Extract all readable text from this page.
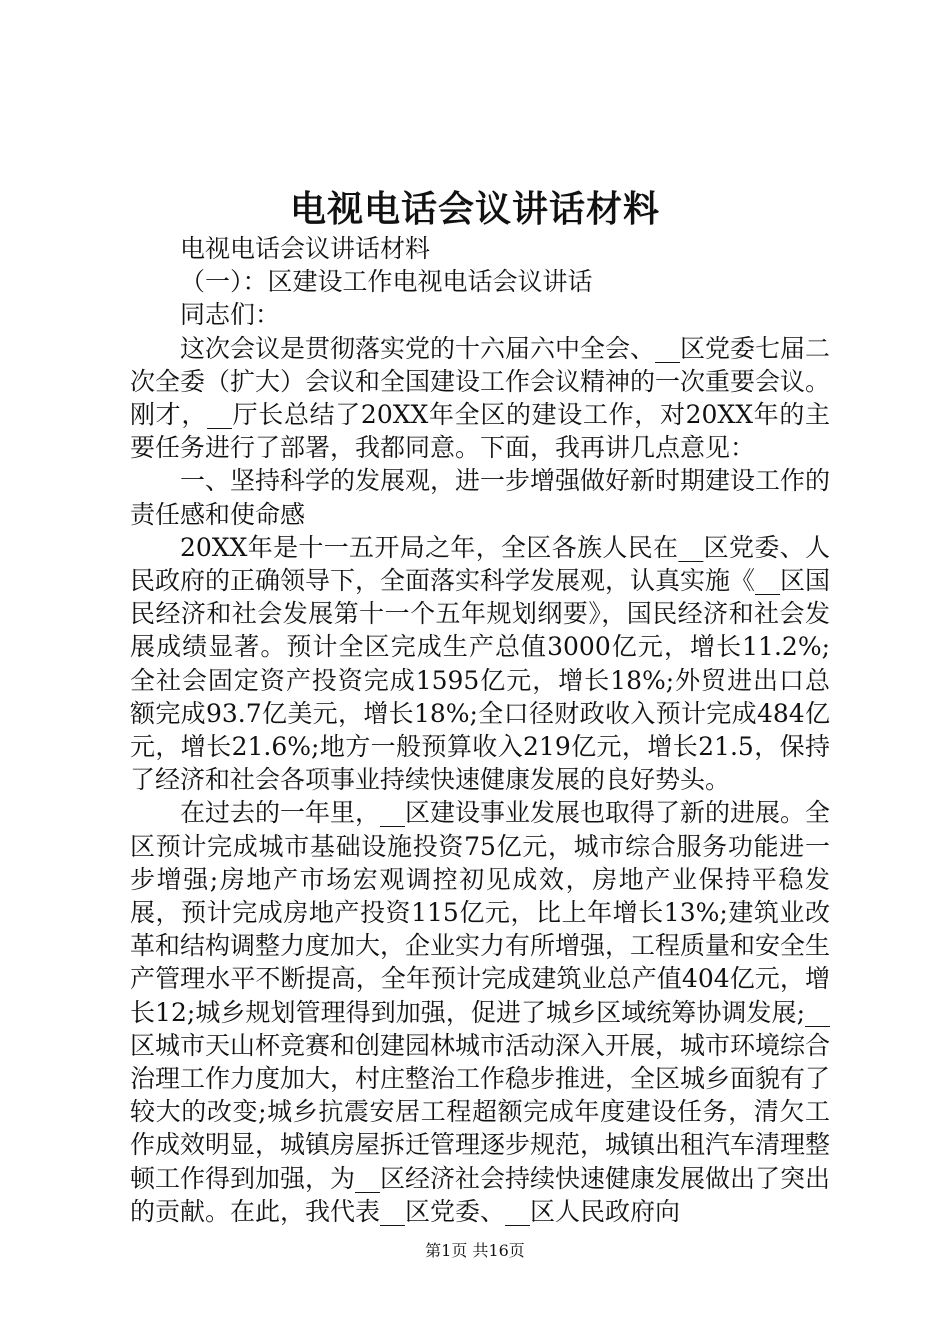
电视电话会议讲话材料

电视电话会议讲话材料

（一）：区建设工作电视电话会议讲话

同志们：

这次会议是贯彻落实党的十六届六中全会、__区党委七届二次全委（扩大）会议和全国建设工作会议精神的一次重要会议。刚才，__厅长总结了20XX年全区的建设工作，对20XX年的主要任务进行了部署，我都同意。下面，我再讲几点意见：

一、坚持科学的发展观，进一步增强做好新时期建设工作的责任感和使命感

20XX年是十一五开局之年，全区各族人民在__区党委、人民政府的正确领导下，全面落实科学发展观，认真实施《__区国民经济和社会发展第十一个五年规划纲要》，国民经济和社会发展成绩显著。预计全区完成生产总值3000亿元，增长11.2%;全社会固定资产投资完成1595亿元，增长18%;外贸进出口总额完成93.7亿美元，增长18%;全口径财政收入预计完成484亿元，增长21.6%;地方一般预算收入219亿元，增长21.5，保持了经济和社会各项事业持续快速健康发展的良好势头。

在过去的一年里，__区建设事业发展也取得了新的进展。全区预计完成城市基础设施投资75亿元，城市综合服务功能进一步增强;房地产市场宏观调控初见成效，房地产业保持平稳发展，预计完成房地产投资115亿元，比上年增长13%;建筑业改革和结构调整力度加大，企业实力有所增强，工程质量和安全生产管理水平不断提高，全年预计完成建筑业总产值404亿元，增长12;城乡规划管理得到加强，促进了城乡区域统筹协调发展;__区城市天山杯竞赛和创建园林城市活动深入开展，城市环境综合治理工作力度加大，村庄整治工作稳步推进，全区城乡面貌有了较大的改变;城乡抗震安居工程超额完成年度建设任务，清欠工作成效明显，城镇房屋拆迁管理逐步规范，城镇出租汽车清理整顿工作得到加强，为__区经济社会持续快速健康发展做出了突出的贡献。在此，我代表__区党委、__区人民政府向

第1页 共16页
